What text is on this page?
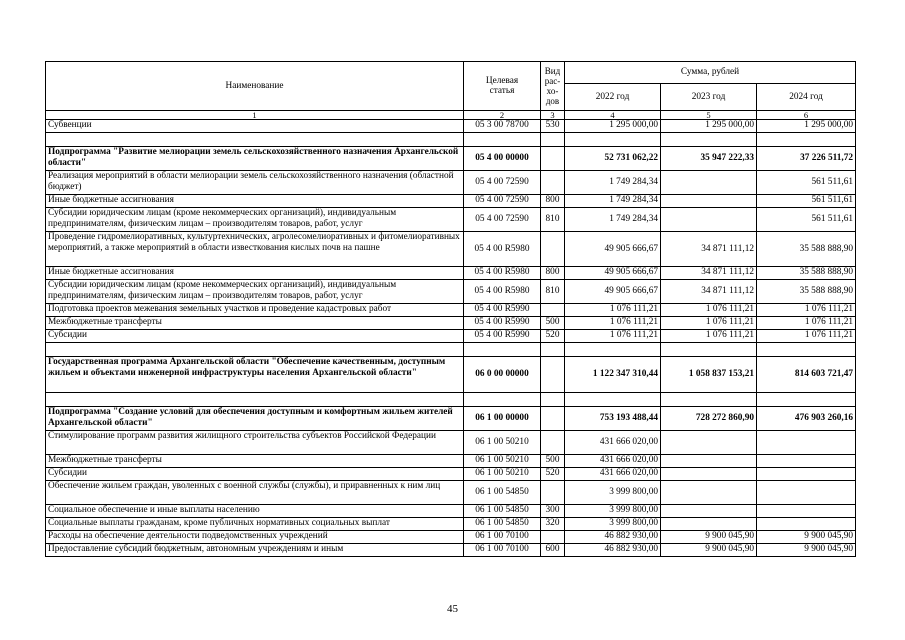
Наименование	Целевая статья	Вид рас- хо- дов	Сумма, рублей		
			2022 год	2023 год	2024 год
1	2	3	4	5	6
Субвенции	05 3 00 78700	530	1 295 000,00	1 295 000,00	1 295 000,00

Подпрограмма "Развитие мелиорации земель сельскохозяйственного назначения Архангельской области"	05 4 00 00000		52 731 062,22	35 947 222,33	37 226 511,72
Реализация мероприятий в области мелиорации земель сельскохозяйственного назначения (областной бюджет)	05 4 00 72590		1 749 284,34		561 511,61
Иные бюджетные ассигнования	05 4 00 72590	800	1 749 284,34		561 511,61
Субсидии юридическим лицам (кроме некоммерческих организаций), индивидуальным предпринимателям, физическим лицам – производителям товаров, работ, услуг	05 4 00 72590	810	1 749 284,34		561 511,61
Проведение гидромелиоративных, культуртехнических, агролесомелиоративных и фитомелиоративных мероприятий, а также мероприятий в области известкования кислых почв на пашне	05 4 00 R5980		49 905 666,67	34 871 111,12	35 588 888,90
Иные бюджетные ассигнования	05 4 00 R5980	800	49 905 666,67	34 871 111,12	35 588 888,90
Субсидии юридическим лицам (кроме некоммерческих организаций), индивидуальным предпринимателям, физическим лицам – производителям товаров, работ, услуг	05 4 00 R5980	810	49 905 666,67	34 871 111,12	35 588 888,90
Подготовка проектов межевания земельных участков и проведение кадастровых работ	05 4 00 R5990		1 076 111,21	1 076 111,21	1 076 111,21
Межбюджетные трансферты	05 4 00 R5990	500	1 076 111,21	1 076 111,21	1 076 111,21
Субсидии	05 4 00 R5990	520	1 076 111,21	1 076 111,21	1 076 111,21

Государственная программа Архангельской области "Обеспечение качественным, доступным жильем и объектами инженерной инфраструктуры населения Архангельской области"	06 0 00 00000		1 122 347 310,44	1 058 837 153,21	814 603 721,47

Подпрограмма "Создание условий для обеспечения доступным и комфортным жильем жителей Архангельской области"	06 1 00 00000		753 193 488,44	728 272 860,90	476 903 260,16
Стимулирование программ развития жилищного строительства субъектов Российской Федерации	06 1 00 50210		431 666 020,00		
Межбюджетные трансферты	06 1 00 50210	500	431 666 020,00		
Субсидии	06 1 00 50210	520	431 666 020,00		
Обеспечение жильем граждан, уволенных с военной службы (службы), и приравненных к ним лиц	06 1 00 54850		3 999 800,00		
Социальное обеспечение и иные выплаты населению	06 1 00 54850	300	3 999 800,00		
Социальные выплаты гражданам, кроме публичных нормативных социальных выплат	06 1 00 54850	320	3 999 800,00		
Расходы на обеспечение деятельности подведомственных учреждений	06 1 00 70100		46 882 930,00	9 900 045,90	9 900 045,90
Предоставление субсидий бюджетным, автономным учреждениям и иным	06 1 00 70100	600	46 882 930,00	9 900 045,90	9 900 045,90
45
